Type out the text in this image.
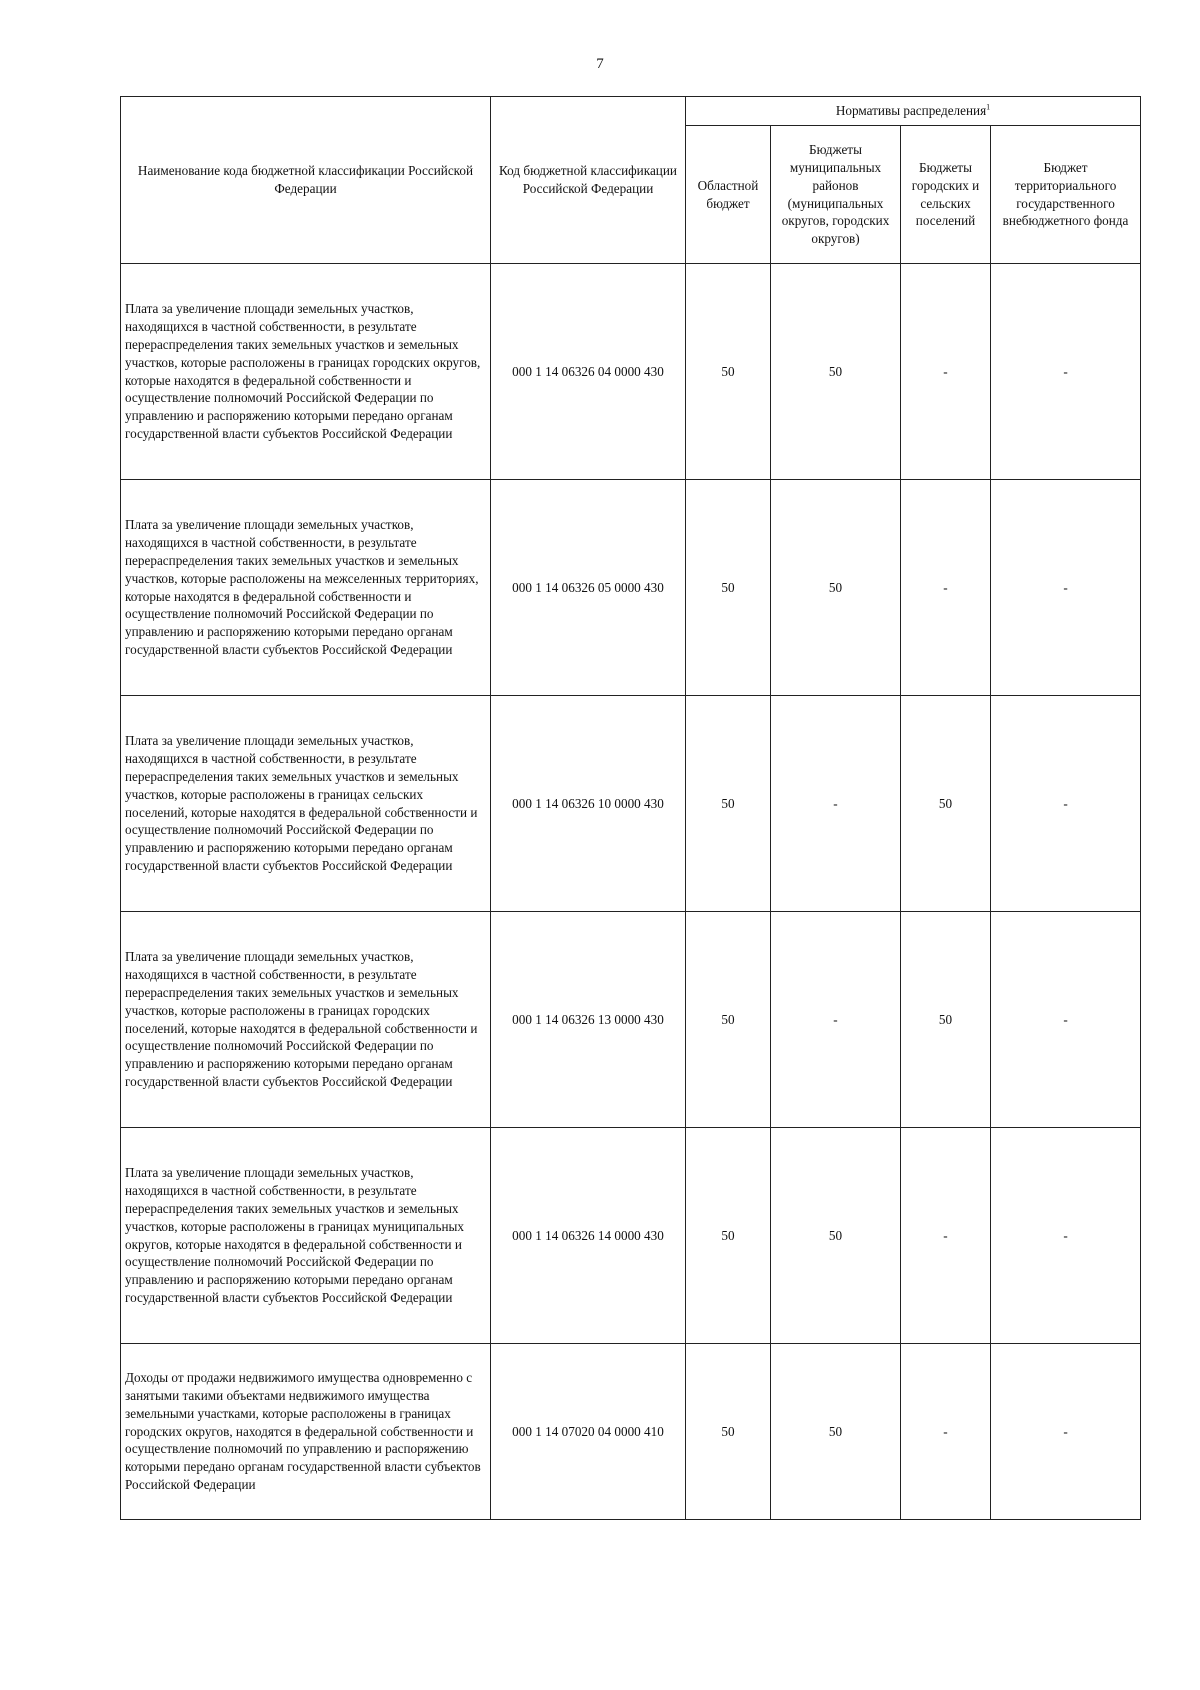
7
Наименование кода бюджетной классификации Российской Федерации	Код бюджетной классификации Российской Федерации	Нормативы распределения$^1$
		Областной бюджет	Бюджеты муниципальных районов (муниципальных округов, городских округов)	Бюджеты городских и сельских поселений	Бюджет территориального государственного внебюджетного фонда
Плата за увеличение площади земельных участков, находящихся в частной собственности, в результате перераспределения таких земельных участков и земельных участков, которые расположены в границах городских округов, которые находятся в федеральной собственности и осуществление полномочий Российской Федерации по управлению и распоряжению которыми передано органам государственной власти субъектов Российской Федерации	000 1 14 06326 04 0000 430	50	50	-	-
Плата за увеличение площади земельных участков, находящихся в частной собственности, в результате перераспределения таких земельных участков и земельных участков, которые расположены на межселенных территориях, которые находятся в федеральной собственности и осуществление полномочий Российской Федерации по управлению и распоряжению которыми передано органам государственной власти субъектов Российской Федерации	000 1 14 06326 05 0000 430	50	50	-	-
Плата за увеличение площади земельных участков, находящихся в частной собственности, в результате перераспределения таких земельных участков и земельных участков, которые расположены в границах сельских поселений, которые находятся в федеральной собственности и осуществление полномочий Российской Федерации по управлению и распоряжению которыми передано органам государственной власти субъектов Российской Федерации	000 1 14 06326 10 0000 430	50	-	50	-
Плата за увеличение площади земельных участков, находящихся в частной собственности, в результате перераспределения таких земельных участков и земельных участков, которые расположены в границах городских поселений, которые находятся в федеральной собственности и осуществление полномочий Российской Федерации по управлению и распоряжению которыми передано органам государственной власти субъектов Российской Федерации	000 1 14 06326 13 0000 430	50	-	50	-
Плата за увеличение площади земельных участков, находящихся в частной собственности, в результате перераспределения таких земельных участков и земельных участков, которые расположены в границах муниципальных округов, которые находятся в федеральной собственности и осуществление полномочий Российской Федерации по управлению и распоряжению которыми передано органам государственной власти субъектов Российской Федерации	000 1 14 06326 14 0000 430	50	50	-	-
Доходы от продажи недвижимого имущества одновременно с занятыми такими объектами недвижимого имущества земельными участками, которые расположены в границах городских округов, находятся в федеральной собственности и осуществление полномочий по управлению и распоряжению которыми передано органам государственной власти субъектов Российской Федерации	000 1 14 07020 04 0000 410	50	50	-	-
